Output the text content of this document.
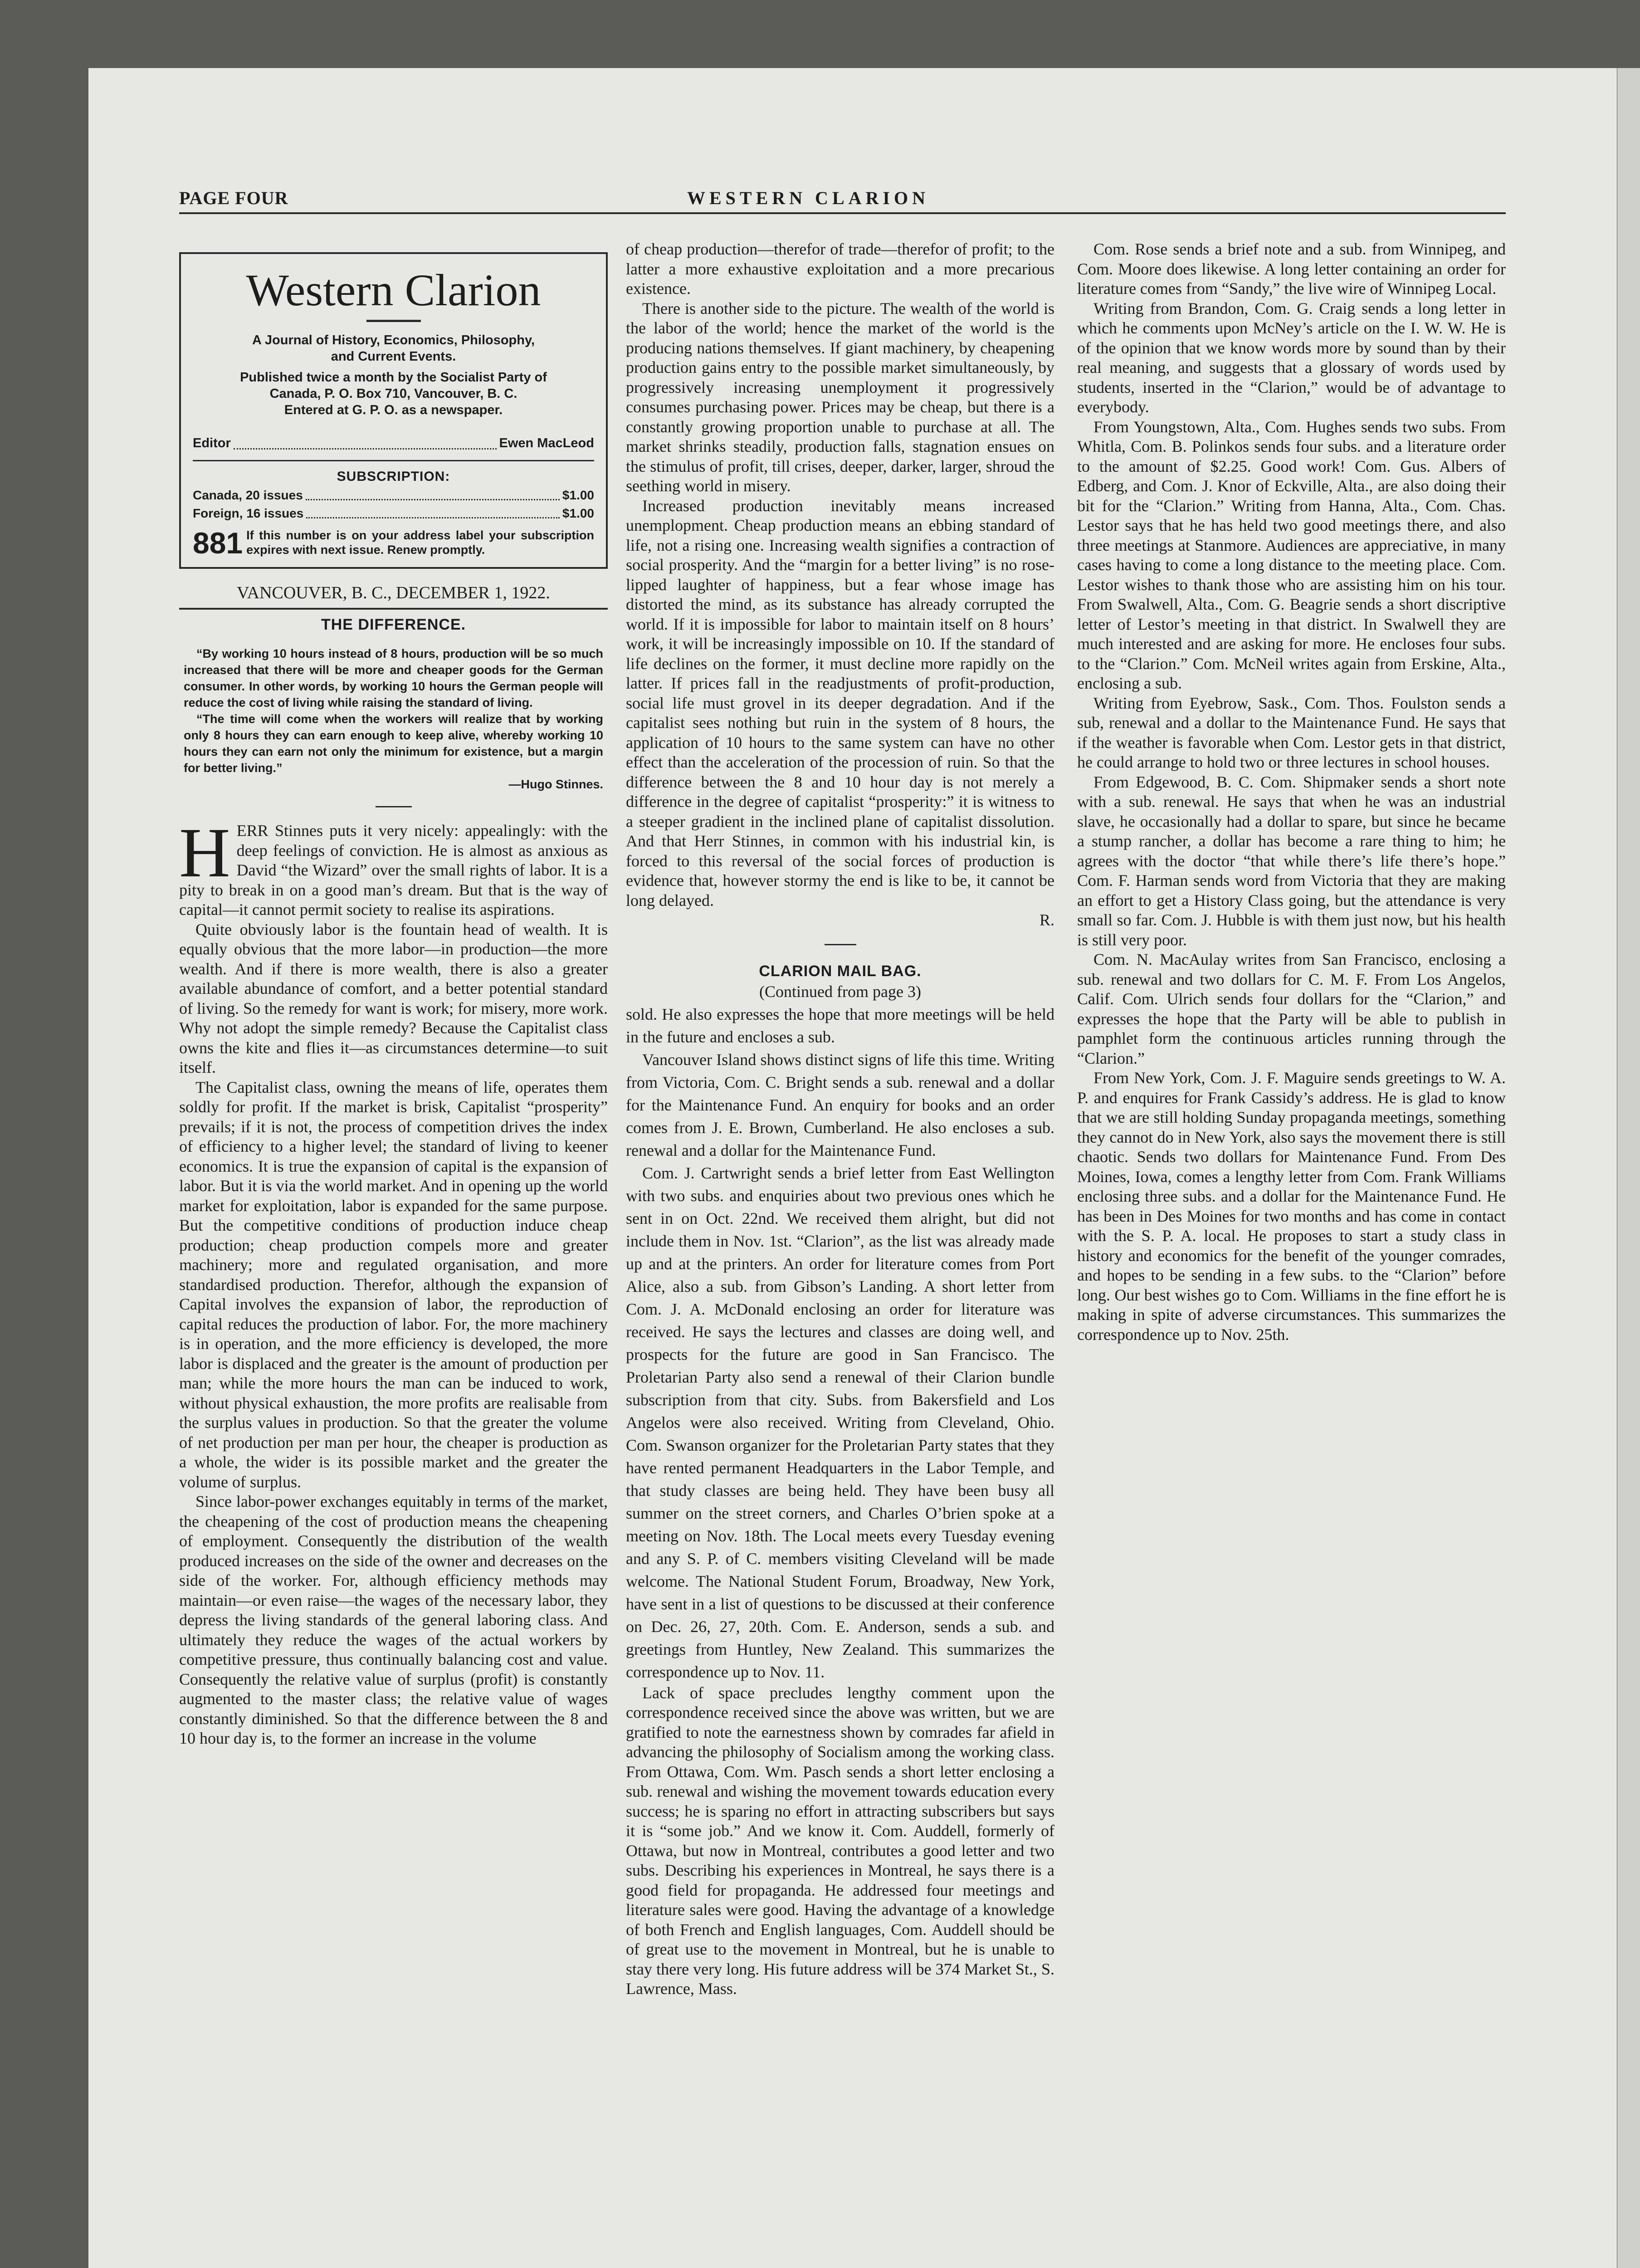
PAGE FOUR	WESTERN CLARION
Western Clarion
A Journal of History, Economics, Philosophy,
and Current Events.
Published twice a month by the Socialist Party of
Canada, P. O. Box 710, Vancouver, B. C.
Entered at G. P. O. as a newspaper.
Editor	Ewen MacLeod
SUBSCRIPTION:
Canada, 20 issues	$1.00
Foreign, 16 issues	$1.00
881 If this number is on your address label your subscription expires with next issue. Renew promptly.
VANCOUVER, B. C., DECEMBER 1, 1922.
THE DIFFERENCE.

“By working 10 hours instead of 8 hours, production will be so much increased that there will be more and cheaper goods for the German consumer. In other words, by working 10 hours the German people will reduce the cost of living while raising the standard of living.

“The time will come when the workers will realize that by working only 8 hours they can earn enough to keep alive, whereby working 10 hours they can earn not only the minimum for existence, but a margin for better living.”

—Hugo Stinnes.

HERR Stinnes puts it very nicely: appealingly: with the deep feelings of conviction. He is almost as anxious as David “the Wizard” over the small rights of labor. It is a pity to break in on a good man’s dream. But that is the way of capital—it cannot permit society to realise its aspirations.

Quite obviously labor is the fountain head of wealth. It is equally obvious that the more labor—in production—the more wealth. And if there is more wealth, there is also a greater available abundance of comfort, and a better potential standard of living. So the remedy for want is work; for misery, more work. Why not adopt the simple remedy? Because the Capitalist class owns the kite and flies it—as circumstances determine—to suit itself.

The Capitalist class, owning the means of life, operates them soldly for profit. If the market is brisk, Capitalist “prosperity” prevails; if it is not, the process of competition drives the index of efficiency to a higher level; the standard of living to keener economics. It is true the expansion of capital is the expansion of labor. But it is via the world market. And in opening up the world market for exploitation, labor is expanded for the same purpose. But the competitive conditions of production induce cheap production; cheap production compels more and greater machinery; more and regulated organisation, and more standardised production. Therefor, although the expansion of Capital involves the expansion of labor, the reproduction of capital reduces the production of labor. For, the more machinery is in operation, and the more efficiency is developed, the more labor is displaced and the greater is the amount of production per man; while the more hours the man can be induced to work, without physical exhaustion, the more profits are realisable from the surplus values in production. So that the greater the volume of net production per man per hour, the cheaper is production as a whole, the wider is its possible market and the greater the volume of surplus.

Since labor-power exchanges equitably in terms of the market, the cheapening of the cost of production means the cheapening of employment. Consequently the distribution of the wealth produced increases on the side of the owner and decreases on the side of the worker. For, although efficiency methods may maintain—or even raise—the wages of the necessary labor, they depress the living standards of the general laboring class. And ultimately they reduce the wages of the actual workers by competitive pressure, thus continually balancing cost and value. Consequently the relative value of surplus (profit) is constantly augmented to the master class; the relative value of wages constantly diminished. So that the difference between the 8 and 10 hour day is, to the former an increase in the volume

of cheap production—therefor of trade—therefor of profit; to the latter a more exhaustive exploitation and a more precarious existence.

There is another side to the picture. The wealth of the world is the labor of the world; hence the market of the world is the producing nations themselves. If giant machinery, by cheapening production gains entry to the possible market simultaneously, by progressively increasing unemployment it progressively consumes purchasing power. Prices may be cheap, but there is a constantly growing proportion unable to purchase at all. The market shrinks steadily, production falls, stagnation ensues on the stimulus of profit, till crises, deeper, darker, larger, shroud the seething world in misery.

Increased production inevitably means increased unemplopment. Cheap production means an ebbing standard of life, not a rising one. Increasing wealth signifies a contraction of social prosperity. And the “margin for a better living” is no rose-lipped laughter of happiness, but a fear whose image has distorted the mind, as its substance has already corrupted the world. If it is impossible for labor to maintain itself on 8 hours’ work, it will be increasingly impossible on 10. If the standard of life declines on the former, it must decline more rapidly on the latter. If prices fall in the readjustments of profit-production, social life must grovel in its deeper degradation. And if the capitalist sees nothing but ruin in the system of 8 hours, the application of 10 hours to the same system can have no other effect than the acceleration of the procession of ruin. So that the difference between the 8 and 10 hour day is not merely a difference in the degree of capitalist “prosperity:” it is witness to a steeper gradient in the inclined plane of capitalist dissolution. And that Herr Stinnes, in common with his industrial kin, is forced to this reversal of the social forces of production is evidence that, however stormy the end is like to be, it cannot be long delayed.

R.

CLARION MAIL BAG.
(Continued from page 3)

sold. He also expresses the hope that more meetings will be held in the future and encloses a sub.

Vancouver Island shows distinct signs of life this time. Writing from Victoria, Com. C. Bright sends a sub. renewal and a dollar for the Maintenance Fund. An enquiry for books and an order comes from J. E. Brown, Cumberland. He also encloses a sub. renewal and a dollar for the Maintenance Fund.

Com. J. Cartwright sends a brief letter from East Wellington with two subs. and enquiries about two previous ones which he sent in on Oct. 22nd. We received them alright, but did not include them in Nov. 1st. “Clarion”, as the list was already made up and at the printers. An order for literature comes from Port Alice, also a sub. from Gibson’s Landing. A short letter from Com. J. A. McDonald enclosing an order for literature was received. He says the lectures and classes are doing well, and prospects for the future are good in San Francisco. The Proletarian Party also send a renewal of their Clarion bundle subscription from that city. Subs. from Bakersfield and Los Angelos were also received. Writing from Cleveland, Ohio. Com. Swanson organizer for the Proletarian Party states that they have rented permanent Headquarters in the Labor Temple, and that study classes are being held. They have been busy all summer on the street corners, and Charles O’brien spoke at a meeting on Nov. 18th. The Local meets every Tuesday evening and any S. P. of C. members visiting Cleveland will be made welcome. The National Student Forum, Broadway, New York, have sent in a list of questions to be discussed at their conference on Dec. 26, 27, 20th. Com. E. Anderson, sends a sub. and greetings from Huntley, New Zealand. This summarizes the correspondence up to Nov. 11.

Lack of space precludes lengthy comment upon the correspondence received since the above was written, but we are gratified to note the earnestness shown by comrades far afield in advancing the philosophy of Socialism among the working class. From Ottawa, Com. Wm. Pasch sends a short letter enclosing a sub. renewal and wishing the movement towards education every success; he is sparing no effort in attracting subscribers but says it is “some job.” And we know it. Com. Auddell, formerly of Ottawa, but now in Montreal, contributes a good letter and two subs. Describing his experiences in Montreal, he says there is a good field for propaganda. He addressed four meetings and literature sales were good. Having the advantage of a knowledge of both French and English languages, Com. Auddell should be of great use to the movement in Montreal, but he is unable to stay there very long. His future address will be 374 Market St., S. Lawrence, Mass.

Com. Rose sends a brief note and a sub. from Winnipeg, and Com. Moore does likewise. A long letter containing an order for literature comes from “Sandy,” the live wire of Winnipeg Local.

Writing from Brandon, Com. G. Craig sends a long letter in which he comments upon McNey’s article on the I. W. W. He is of the opinion that we know words more by sound than by their real meaning, and suggests that a glossary of words used by students, inserted in the “Clarion,” would be of advantage to everybody.

From Youngstown, Alta., Com. Hughes sends two subs. From Whitla, Com. B. Polinkos sends four subs. and a literature order to the amount of $2.25. Good work! Com. Gus. Albers of Edberg, and Com. J. Knor of Eckville, Alta., are also doing their bit for the “Clarion.” Writing from Hanna, Alta., Com. Chas. Lestor says that he has held two good meetings there, and also three meetings at Stanmore. Audiences are appreciative, in many cases having to come a long distance to the meeting place. Com. Lestor wishes to thank those who are assisting him on his tour. From Swalwell, Alta., Com. G. Beagrie sends a short discriptive letter of Lestor’s meeting in that district. In Swalwell they are much interested and are asking for more. He encloses four subs. to the “Clarion.” Com. McNeil writes again from Erskine, Alta., enclosing a sub.

Writing from Eyebrow, Sask., Com. Thos. Foulston sends a sub, renewal and a dollar to the Maintenance Fund. He says that if the weather is favorable when Com. Lestor gets in that district, he could arrange to hold two or three lectures in school houses.

From Edgewood, B. C. Com. Shipmaker sends a short note with a sub. renewal. He says that when he was an industrial slave, he occasionally had a dollar to spare, but since he became a stump rancher, a dollar has become a rare thing to him; he agrees with the doctor “that while there’s life there’s hope.” Com. F. Harman sends word from Victoria that they are making an effort to get a History Class going, but the attendance is very small so far. Com. J. Hubble is with them just now, but his health is still very poor.

Com. N. MacAulay writes from San Francisco, enclosing a sub. renewal and two dollars for C. M. F. From Los Angelos, Calif. Com. Ulrich sends four dollars for the “Clarion,” and expresses the hope that the Party will be able to publish in pamphlet form the continuous articles running through the “Clarion.”

From New York, Com. J. F. Maguire sends greetings to W. A. P. and enquires for Frank Cassidy’s address. He is glad to know that we are still holding Sunday propaganda meetings, something they cannot do in New York, also says the movement there is still chaotic. Sends two dollars for Maintenance Fund. From Des Moines, Iowa, comes a lengthy letter from Com. Frank Williams enclosing three subs. and a dollar for the Maintenance Fund. He has been in Des Moines for two months and has come in contact with the S. P. A. local. He proposes to start a study class in history and economics for the benefit of the younger comrades, and hopes to be sending in a few subs. to the “Clarion” before long. Our best wishes go to Com. Williams in the fine effort he is making in spite of adverse circumstances. This summarizes the correspondence up to Nov. 25th.
